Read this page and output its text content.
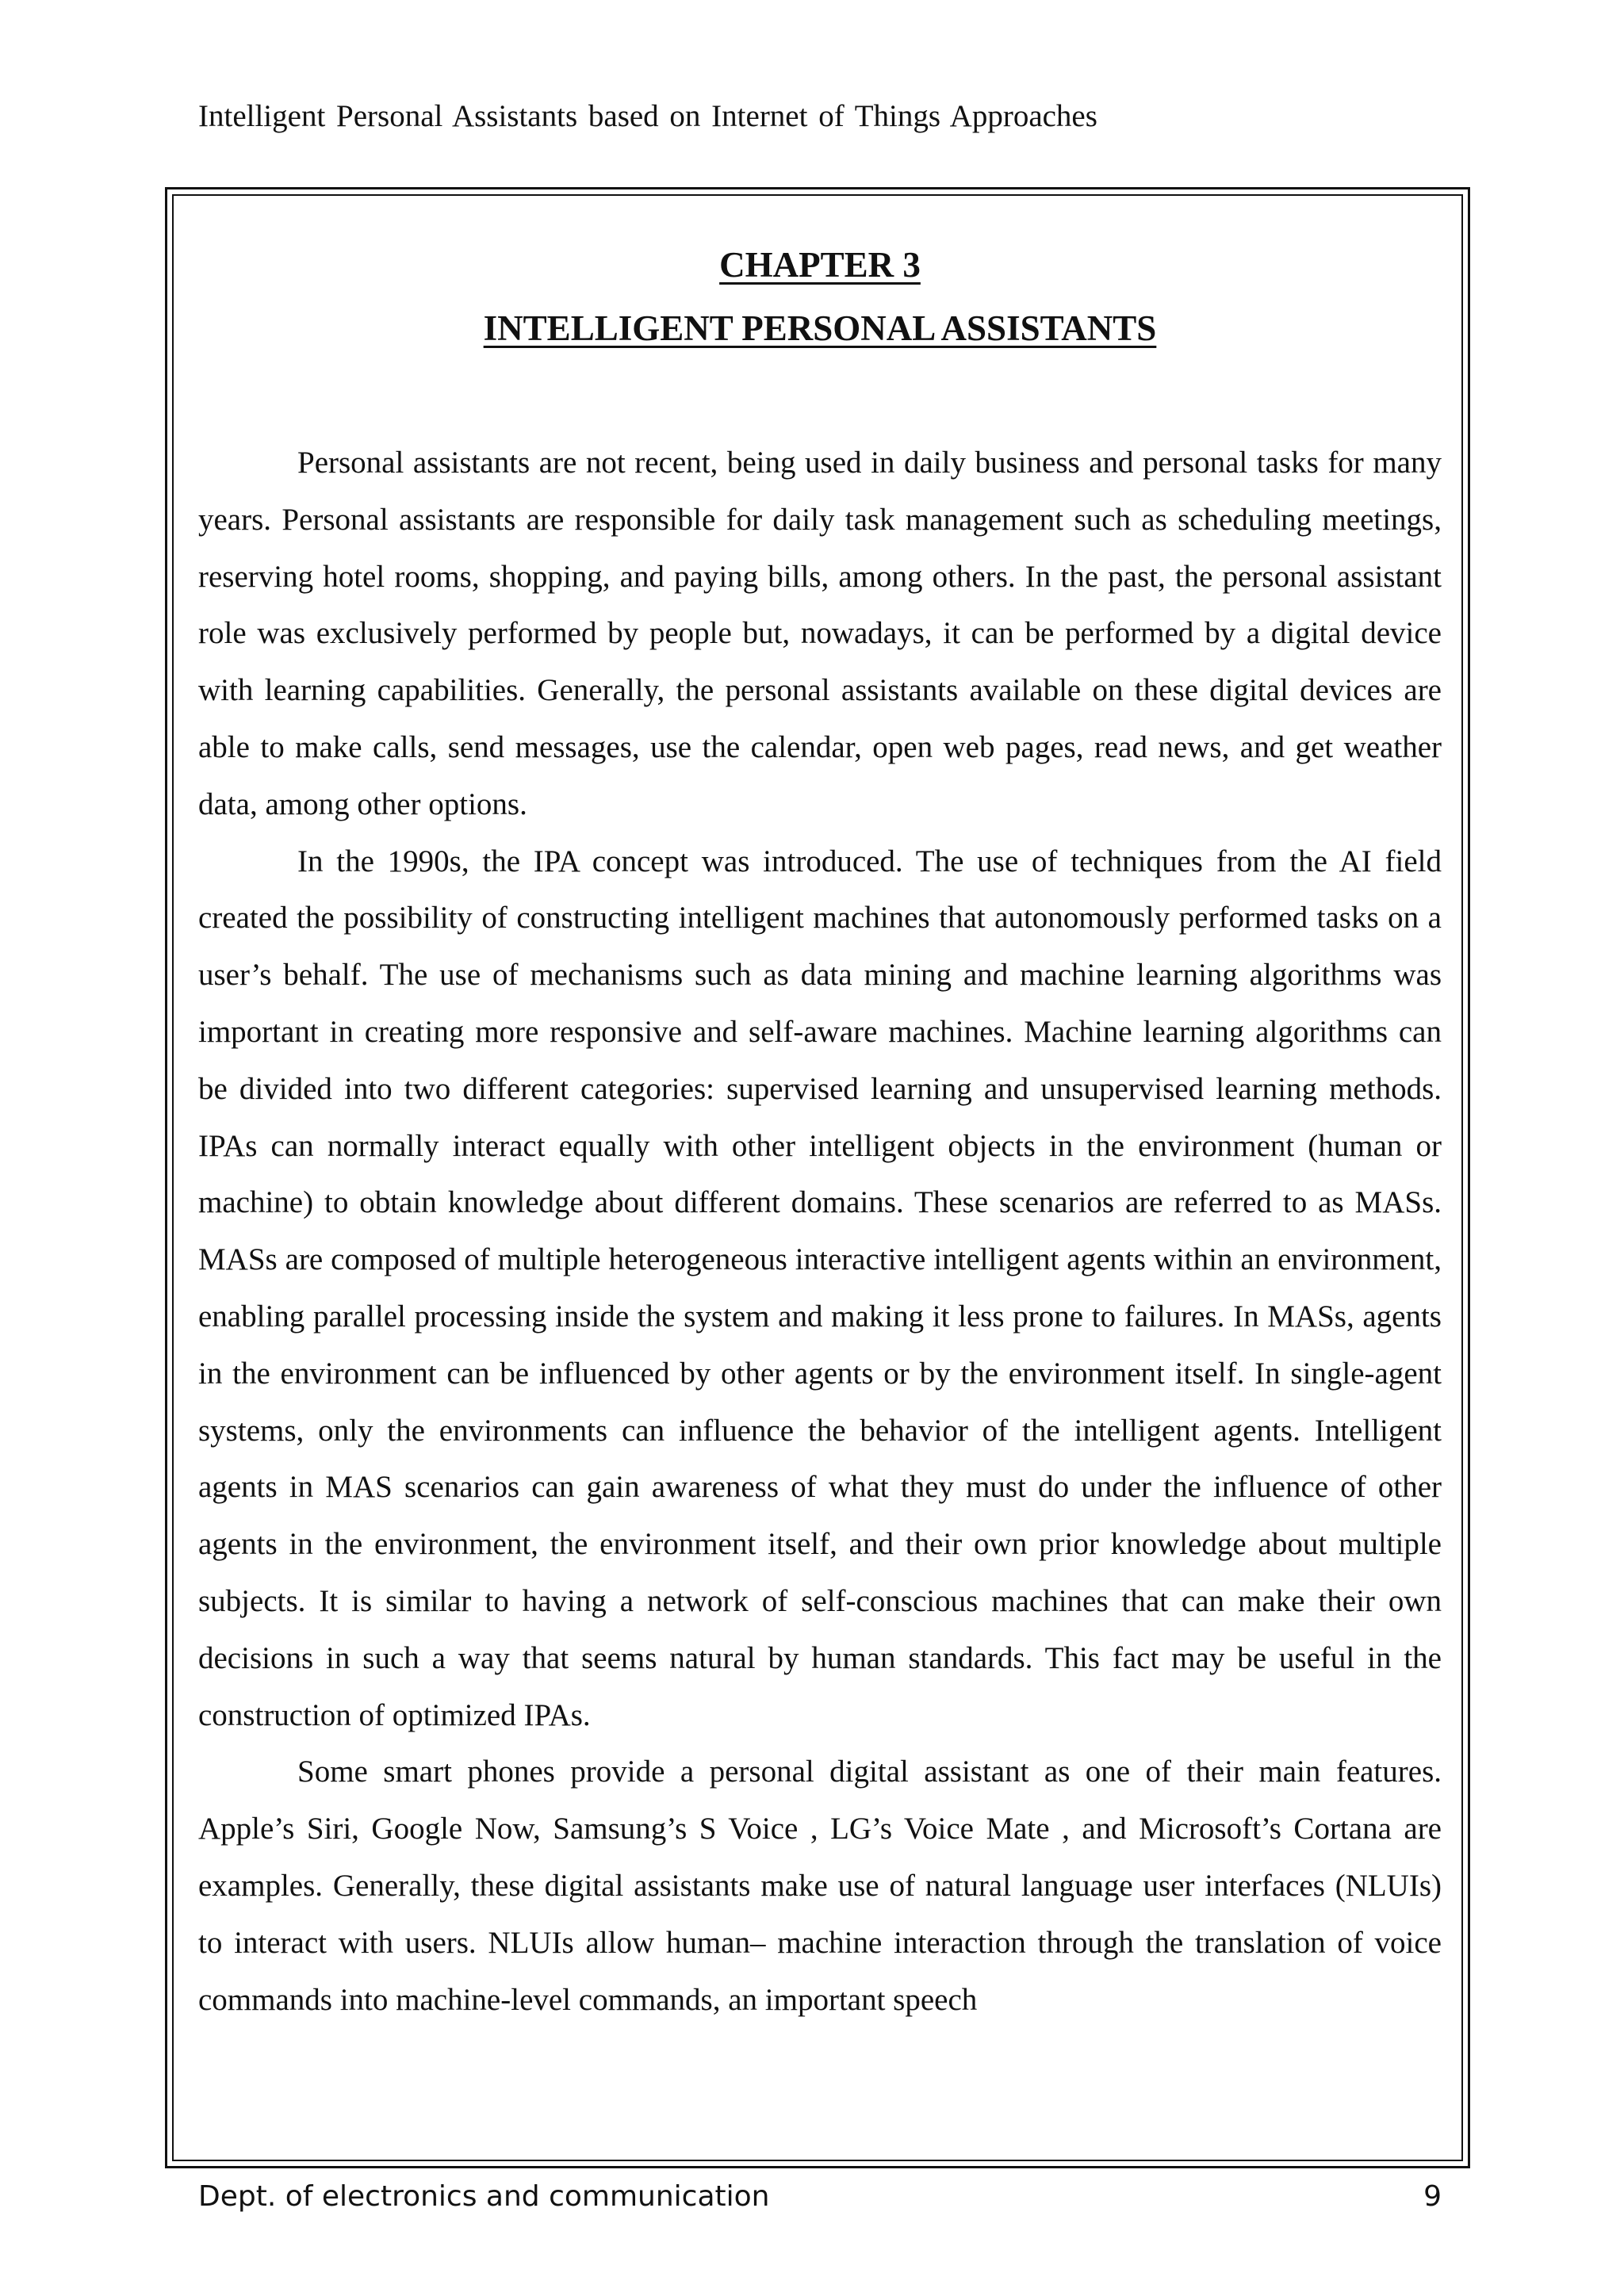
Intelligent Personal Assistants based on Internet of Things Approaches
CHAPTER 3
INTELLIGENT PERSONAL ASSISTANTS

Personal assistants are not recent, being used in daily business and personal tasks for many years. Personal assistants are responsible for daily task management such as scheduling meetings, reserving hotel rooms, shopping, and paying bills, among others. In the past, the personal assistant role was exclusively performed by people but, nowadays, it can be performed by a digital device with learning capabilities. Generally, the personal assistants available on these digital devices are able to make calls, send messages, use the calendar, open web pages, read news, and get weather data, among other options.

In the 1990s, the IPA concept was introduced. The use of techniques from the AI field created the possibility of constructing intelligent machines that autonomously performed tasks on a user’s behalf. The use of mechanisms such as data mining and machine learning algorithms was important in creating more responsive and self-aware machines. Machine learning algorithms can be divided into two different categories: supervised learning and unsupervised learning methods. IPAs can normally interact equally with other intelligent objects in the environment (human or machine) to obtain knowledge about different domains. These scenarios are referred to as MASs. MASs are composed of multiple heterogeneous interactive intelligent agents within an environment, enabling parallel processing inside the system and making it less prone to failures. In MASs, agents in the environment can be influenced by other agents or by the environment itself. In single-agent systems, only the environments can influence the behavior of the intelligent agents. Intelligent agents in MAS scenarios can gain awareness of what they must do under the influence of other agents in the environment, the environment itself, and their own prior knowledge about multiple subjects. It is similar to having a network of self-conscious machines that can make their own decisions in such a way that seems natural by human standards. This fact may be useful in the construction of optimized IPAs.

Some smart phones provide a personal digital assistant as one of their main features. Apple’s Siri, Google Now, Samsung’s S Voice , LG’s Voice Mate , and Microsoft’s Cortana are examples. Generally, these digital assistants make use of natural language user interfaces (NLUIs) to interact with users. NLUIs allow human– machine interaction through the translation of voice commands into machine-level commands, an important speech

Dept. of electronics and communication	9
